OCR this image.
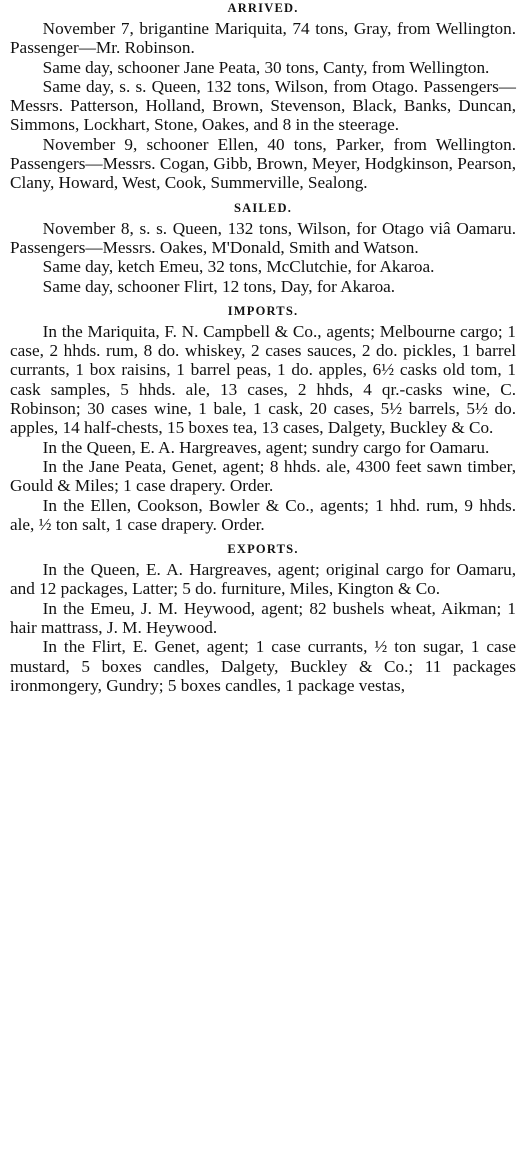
ARRIVED.

November 7, brigantine Mariquita, 74 tons, Gray, from Wellington. Passenger—Mr. Robinson.

Same day, schooner Jane Peata, 30 tons, Canty, from Wellington.

Same day, s. s. Queen, 132 tons, Wilson, from Otago. Passengers—Messrs. Patterson, Holland, Brown, Stevenson, Black, Banks, Duncan, Simmons, Lockhart, Stone, Oakes, and 8 in the steerage.

November 9, schooner Ellen, 40 tons, Parker, from Wellington. Passengers—Messrs. Cogan, Gibb, Brown, Meyer, Hodgkinson, Pearson, Clany, Howard, West, Cook, Summerville, Sealong.

SAILED.

November 8, s. s. Queen, 132 tons, Wilson, for Otago viâ Oamaru. Passengers—Messrs. Oakes, M'Donald, Smith and Watson.

Same day, ketch Emeu, 32 tons, McClutchie, for Akaroa.

Same day, schooner Flirt, 12 tons, Day, for Akaroa.

IMPORTS.

In the Mariquita, F. N. Campbell & Co., agents; Melbourne cargo; 1 case, 2 hhds. rum, 8 do. whiskey, 2 cases sauces, 2 do. pickles, 1 barrel currants, 1 box raisins, 1 barrel peas, 1 do. apples, 6½ casks old tom, 1 cask samples, 5 hhds. ale, 13 cases, 2 hhds, 4 qr.-casks wine, C. Robinson; 30 cases wine, 1 bale, 1 cask, 20 cases, 5½ barrels, 5½ do. apples, 14 half-chests, 15 boxes tea, 13 cases, Dalgety, Buckley & Co.

In the Queen, E. A. Hargreaves, agent; sundry cargo for Oamaru.

In the Jane Peata, Genet, agent; 8 hhds. ale, 4300 feet sawn timber, Gould & Miles; 1 case drapery. Order.

In the Ellen, Cookson, Bowler & Co., agents; 1 hhd. rum, 9 hhds. ale, ½ ton salt, 1 case drapery. Order.

EXPORTS.

In the Queen, E. A. Hargreaves, agent; original cargo for Oamaru, and 12 packages, Latter; 5 do. furniture, Miles, Kington & Co.

In the Emeu, J. M. Heywood, agent; 82 bushels wheat, Aikman; 1 hair mattrass, J. M. Heywood.

In the Flirt, E. Genet, agent; 1 case currants, ½ ton sugar, 1 case mustard, 5 boxes candles, Dalgety, Buckley & Co.; 11 packages ironmongery, Gundry; 5 boxes candles, 1 package vestas,
